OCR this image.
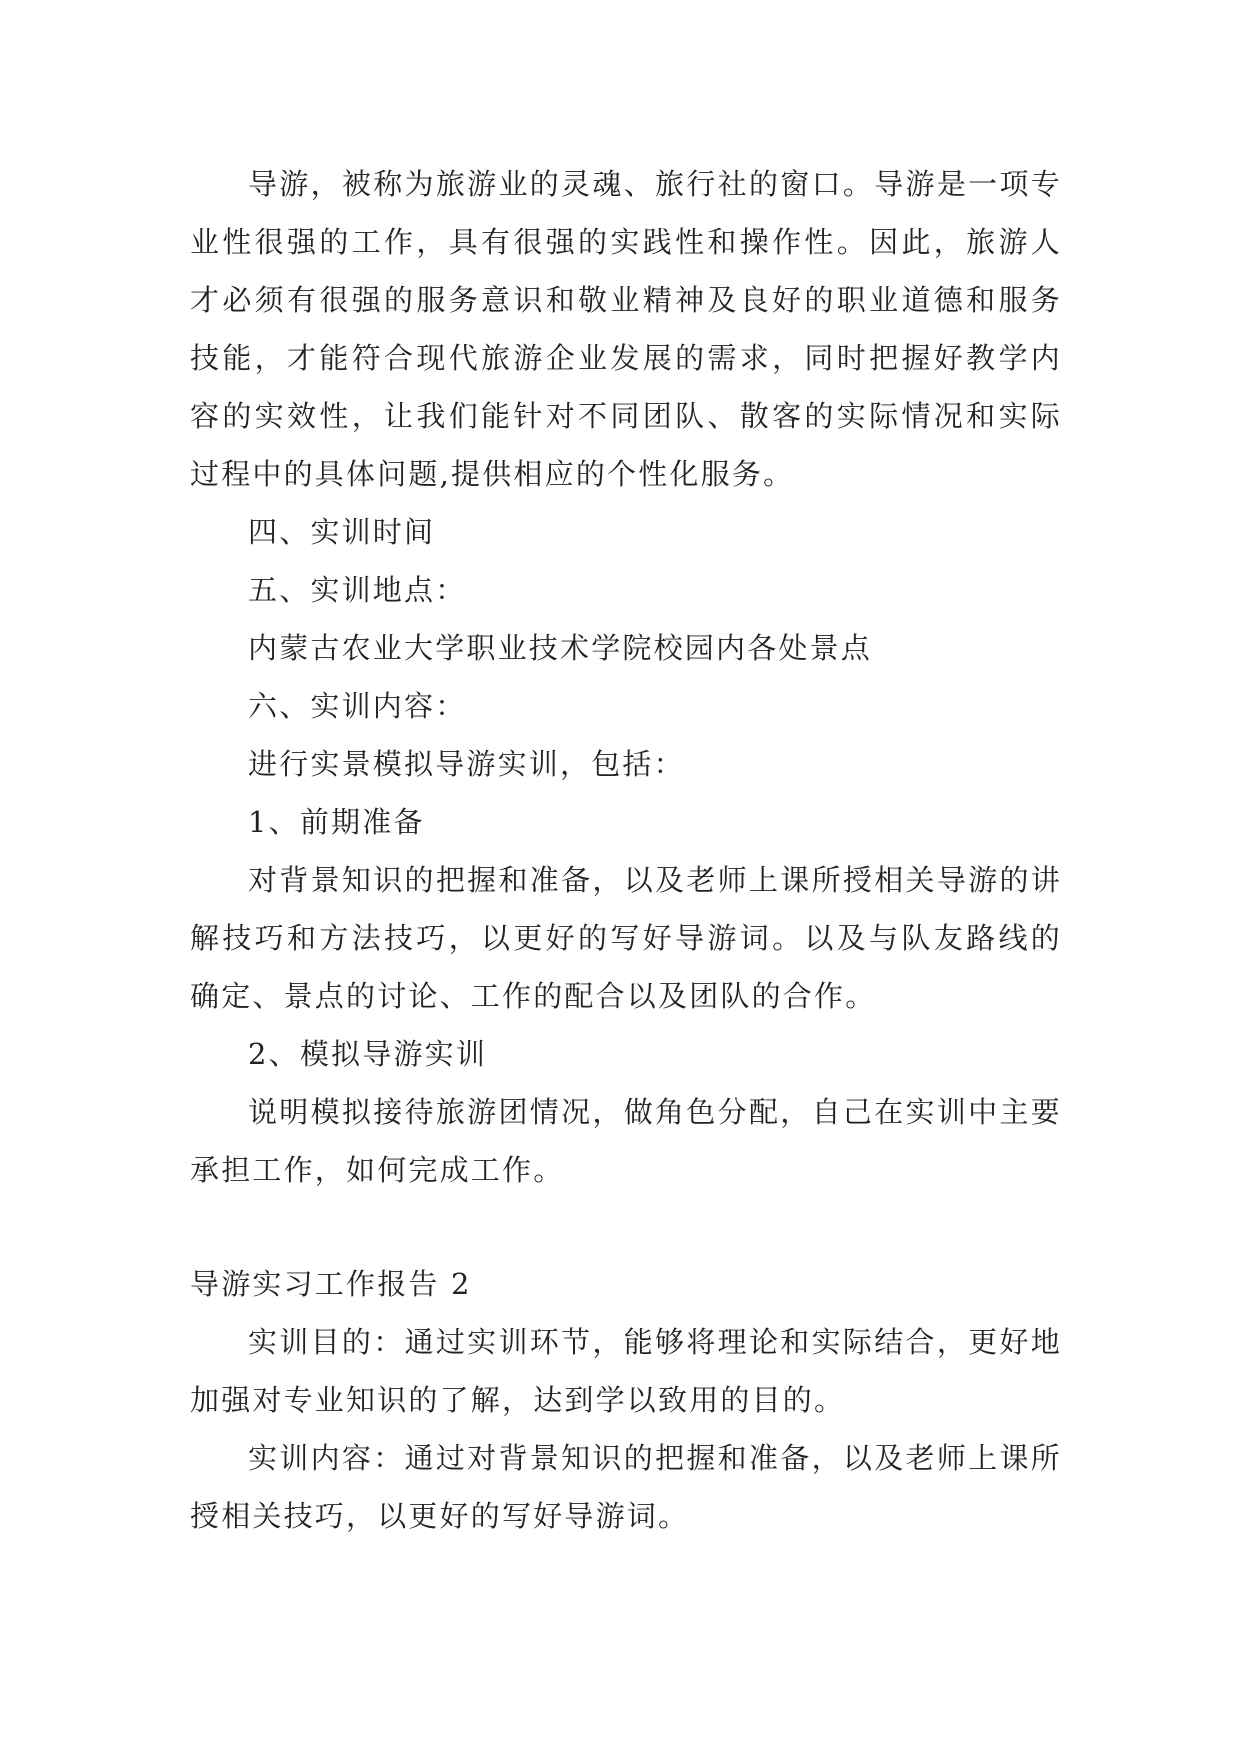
导游，被称为旅游业的灵魂、旅行社的窗口。导游是一项专业性很强的工作，具有很强的实践性和操作性。因此，旅游人才必须有很强的服务意识和敬业精神及良好的职业道德和服务技能，才能符合现代旅游企业发展的需求，同时把握好教学内容的实效性，让我们能针对不同团队、散客的实际情况和实际过程中的具体问题,提供相应的个性化服务。

四、实训时间

五、实训地点：

内蒙古农业大学职业技术学院校园内各处景点

六、实训内容：

进行实景模拟导游实训，包括：

1、前期准备

对背景知识的把握和准备，以及老师上课所授相关导游的讲解技巧和方法技巧，以更好的写好导游词。以及与队友路线的确定、景点的讨论、工作的配合以及团队的合作。

2、模拟导游实训

说明模拟接待旅游团情况，做角色分配，自己在实训中主要承担工作，如何完成工作。

导游实习工作报告 2

实训目的：通过实训环节，能够将理论和实际结合，更好地加强对专业知识的了解，达到学以致用的目的。

实训内容：通过对背景知识的把握和准备，以及老师上课所授相关技巧，以更好的写好导游词。
